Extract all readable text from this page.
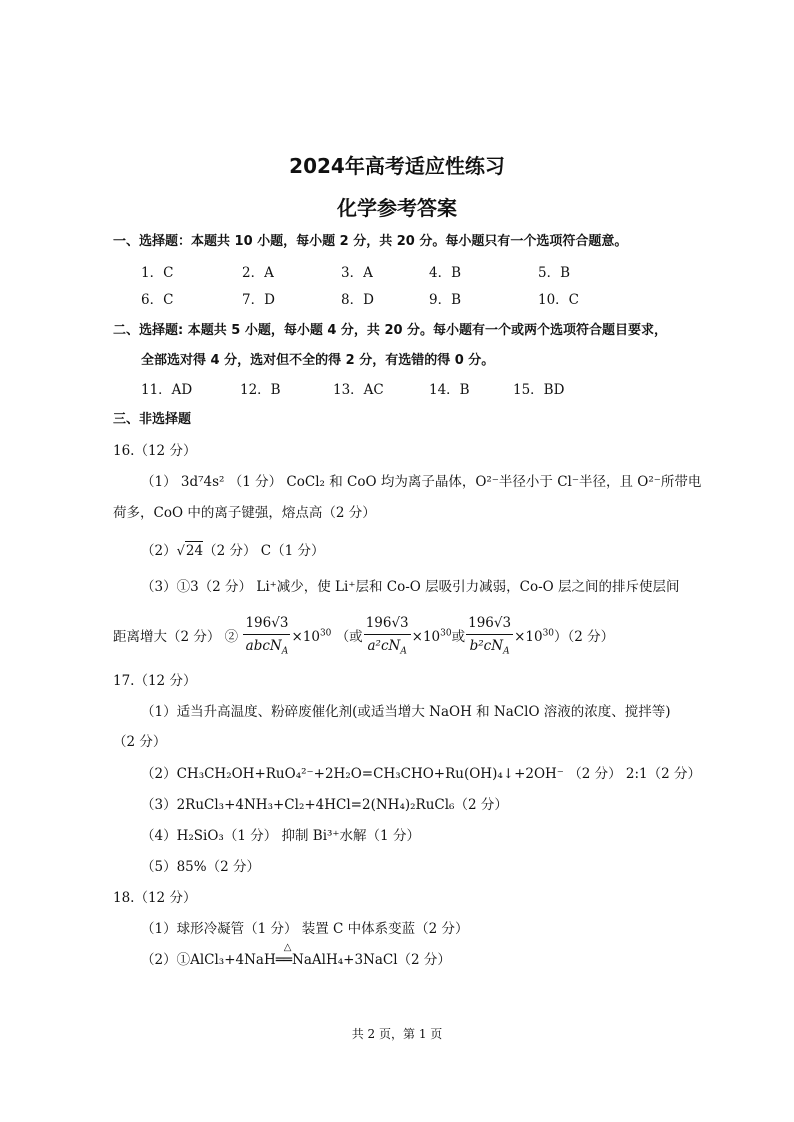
2024年高考适应性练习
化学参考答案
一、选择题：本题共 10 小题，每小题 2 分，共 20 分。每小题只有一个选项符合题意。
1．C	2．A	3．A	4．B	5．B
6．C	7．D	8．D	9．B	10．C
二、选择题: 本题共 5 小题，每小题 4 分，共 20 分。每小题有一个或两个选项符合题目要求，
全部选对得 4 分，选对但不全的得 2 分，有选错的得 0 分。
11．AD	12．B	13．AC	14．B	15．BD
三、非选择题
16.（12 分）
（1） 3d⁷4s² （1 分） CoCl₂ 和 CoO 均为离子晶体，O²⁻半径小于 Cl⁻半径，且 O²⁻所带电
荷多，CoO 中的离子键强，熔点高（2 分）
（2）√24（2 分） C（1 分）
（3）①3（2 分） Li⁺减少，使 Li⁺层和 Co-O 层吸引力减弱，Co-O 层之间的排斥使层间
距离增大（2 分） ② $\frac{196√3}{abcN_A} \times 10^{30}$ （或 $\frac{196√3}{a^2cN_A} \times 10^{30}$或 $\frac{196√3}{b^2cN_A} \times 10^{30})(2$ 分）
17.（12 分）
（1）适当升高温度、粉碎废催化剂(或适当增大 NaOH 和 NaClO 溶液的浓度、搅拌等)
（2 分）
（2）CH₃CH₂OH+RuO₄²⁻+2H₂O=CH₃CHO+Ru(OH)₄↓+2OH⁻ （2 分） 2:1（2 分）
（3）2RuCl₃+4NH₃+Cl₂+4HCl=2(NH₄)₂RuCl₆（2 分）
（4）H₂SiO₃（1 分） 抑制 Bi³⁺水解（1 分）
（5）85%（2 分）
18.（12 分）
（1）球形冷凝管（1 分） 装置 C 中体系变蓝（2 分）
（2）①AlCl₃+4NaH
△
══NaAlH₄+3NaCl（2 分）
共 2 页，第 1 页
